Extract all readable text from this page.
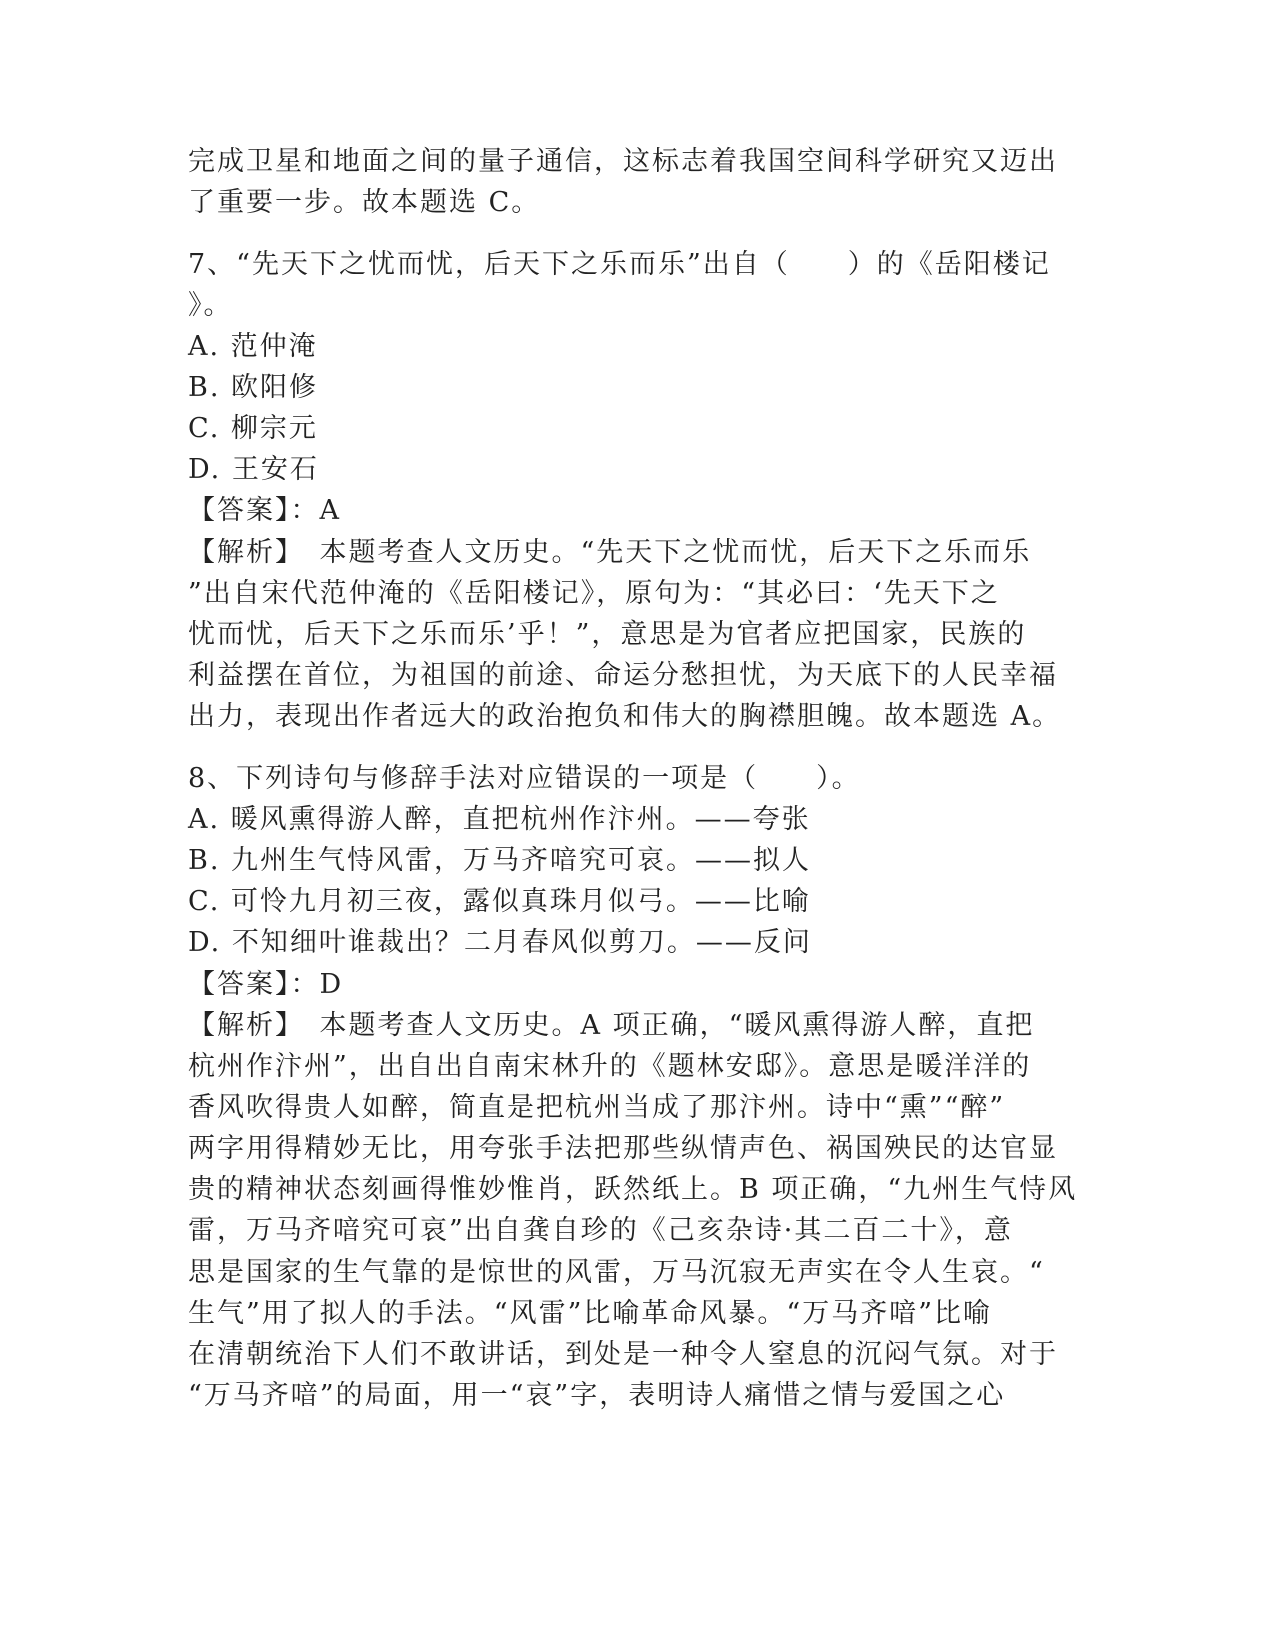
完成卫星和地面之间的量子通信，这标志着我国空间科学研究又迈出
了重要一步。故本题选 C。
7、“先天下之忧而忧，后天下之乐而乐”出自（　　）的《岳阳楼记
》。
A. 范仲淹
B. 欧阳修
C. 柳宗元
D. 王安石
【答案】：A
【解析】　本题考查人文历史。“先天下之忧而忧，后天下之乐而乐
”出自宋代范仲淹的《岳阳楼记》，原句为：“其必曰：‘先天下之
忧而忧，后天下之乐而乐’乎！”，意思是为官者应把国家，民族的
利益摆在首位，为祖国的前途、命运分愁担忧，为天底下的人民幸福
出力，表现出作者远大的政治抱负和伟大的胸襟胆魄。故本题选 A。
8、下列诗句与修辞手法对应错误的一项是（　　）。
A. 暖风熏得游人醉，直把杭州作汴州。——夸张
B. 九州生气恃风雷，万马齐喑究可哀。——拟人
C. 可怜九月初三夜，露似真珠月似弓。——比喻
D. 不知细叶谁裁出？二月春风似剪刀。——反问
【答案】：D
【解析】　本题考查人文历史。A 项正确，“暖风熏得游人醉，直把
杭州作汴州”，出自出自南宋林升的《题林安邸》。意思是暖洋洋的
香风吹得贵人如醉，简直是把杭州当成了那汴州。诗中“熏”“醉”
两字用得精妙无比，用夸张手法把那些纵情声色、祸国殃民的达官显
贵的精神状态刻画得惟妙惟肖，跃然纸上。B 项正确，“九州生气恃风
雷，万马齐喑究可哀”出自龚自珍的《己亥杂诗·其二百二十》，意
思是国家的生气靠的是惊世的风雷，万马沉寂无声实在令人生哀。“
生气”用了拟人的手法。“风雷”比喻革命风暴。“万马齐喑”比喻
在清朝统治下人们不敢讲话，到处是一种令人窒息的沉闷气氛。对于
“万马齐喑”的局面，用一“哀”字，表明诗人痛惜之情与爱国之心
